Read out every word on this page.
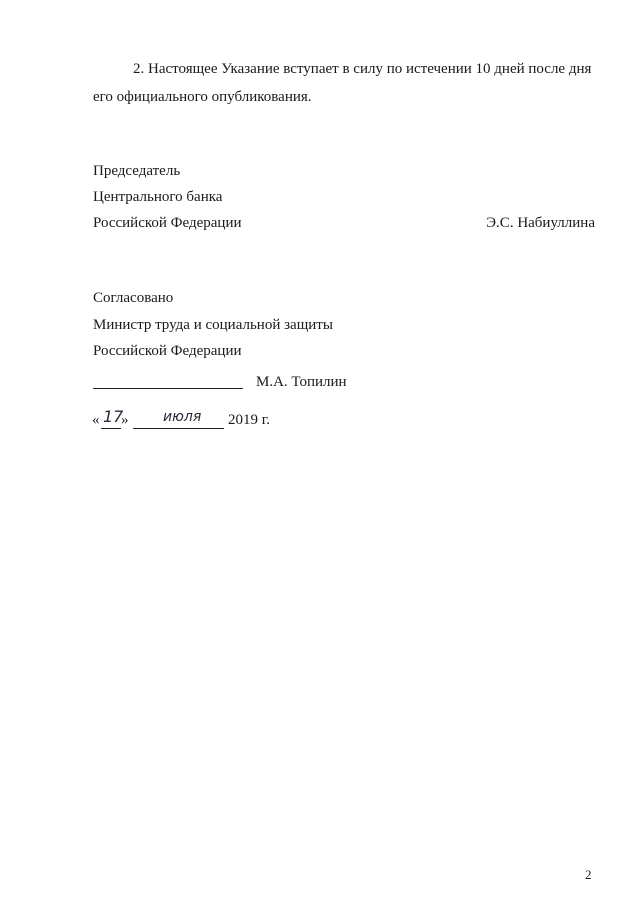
2. Настоящее Указание вступает в силу по истечении 10 дней после дня
его официального опубликования.
Председатель
Центрального банка
Российской Федерации	Э.С. Набиуллина
Согласовано
Министр труда и социальной защиты
Российской Федерации
М.А. Топилин
« 17
» июля 2019 г.
2
